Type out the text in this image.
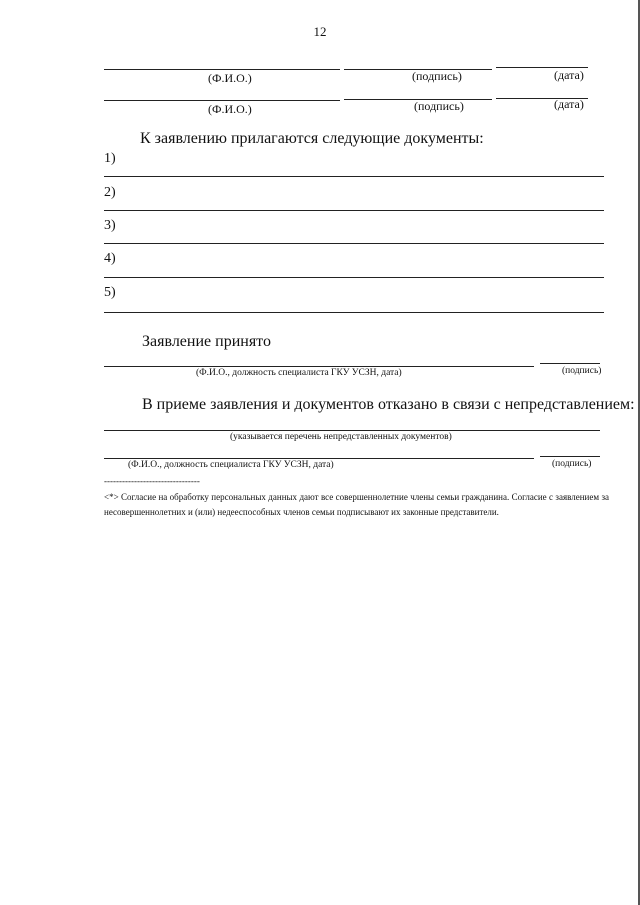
12
(Ф.И.О.)	(подпись)	(дата)
(Ф.И.О.)	(подпись)	(дата)
К заявлению прилагаются следующие документы:
1)
2)
3)
4)
5)
Заявление принято
(Ф.И.О., должность специалиста ГКУ УСЗН, дата)	(подпись)
В приеме заявления и документов отказано в связи с непредставлением:
(указывается перечень непредставленных документов)
(Ф.И.О., должность специалиста ГКУ УСЗН, дата)	(подпись)
--------------------------------
<*> Согласие на обработку персональных данных дают все совершеннолетние члены семьи гражданина. Согласие с заявлением за несовершеннолетних и (или) недееспособных членов семьи подписывают их законные представители.
